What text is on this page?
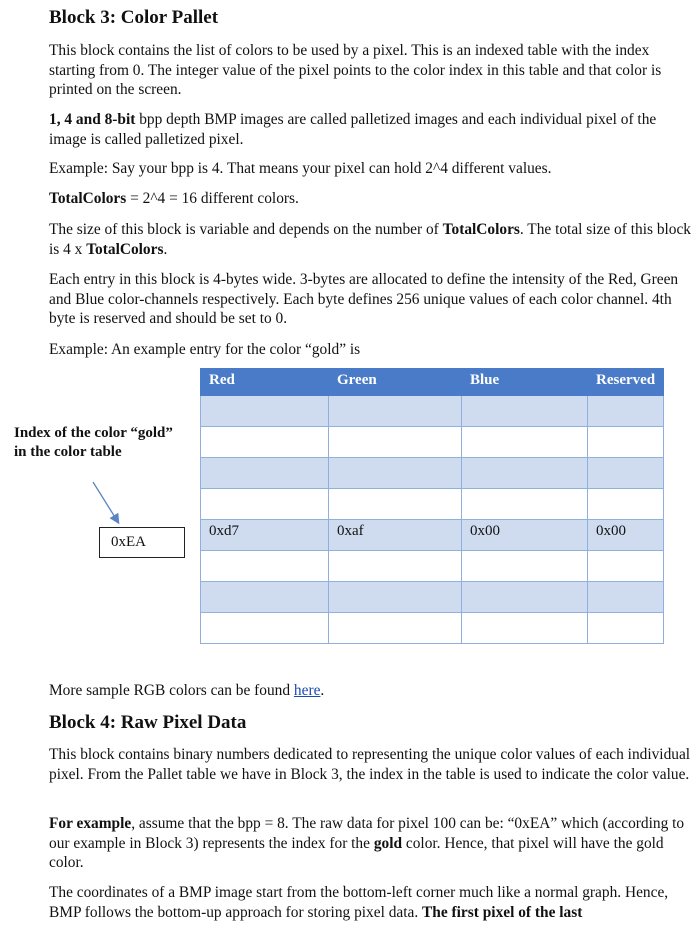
Block 3: Color Pallet

This block contains the list of colors to be used by a pixel. This is an indexed table with the index starting from 0. The integer value of the pixel points to the color index in this table and that color is printed on the screen.

1, 4 and 8-bit bpp depth BMP images are called palletized images and each individual pixel of the image is called palletized pixel.

Example: Say your bpp is 4. That means your pixel can hold 2^4 different values.

TotalColors = 2^4 = 16 different colors.

The size of this block is variable and depends on the number of TotalColors. The total size of this block is 4 x TotalColors.

Each entry in this block is 4-bytes wide. 3-bytes are allocated to define the intensity of the Red, Green and Blue color-channels respectively. Each byte defines 256 unique values of each color channel. 4th byte is reserved and should be set to 0.

Example: An example entry for the color “gold” is

Red	Green	Blue	Reserved

0xd7	0xaf	0x00	0x00

Index of the color “gold” in the color table
0xEA

More sample RGB colors can be found here.

Block 4: Raw Pixel Data

This block contains binary numbers dedicated to representing the unique color values of each individual pixel. From the Pallet table we have in Block 3, the index in the table is used to indicate the color value.

For example, assume that the bpp = 8. The raw data for pixel 100 can be: “0xEA” which (according to our example in Block 3) represents the index for the gold color. Hence, that pixel will have the gold color.

The coordinates of a BMP image start from the bottom-left corner much like a normal graph. Hence, BMP follows the bottom-up approach for storing pixel data. The first pixel of the last
